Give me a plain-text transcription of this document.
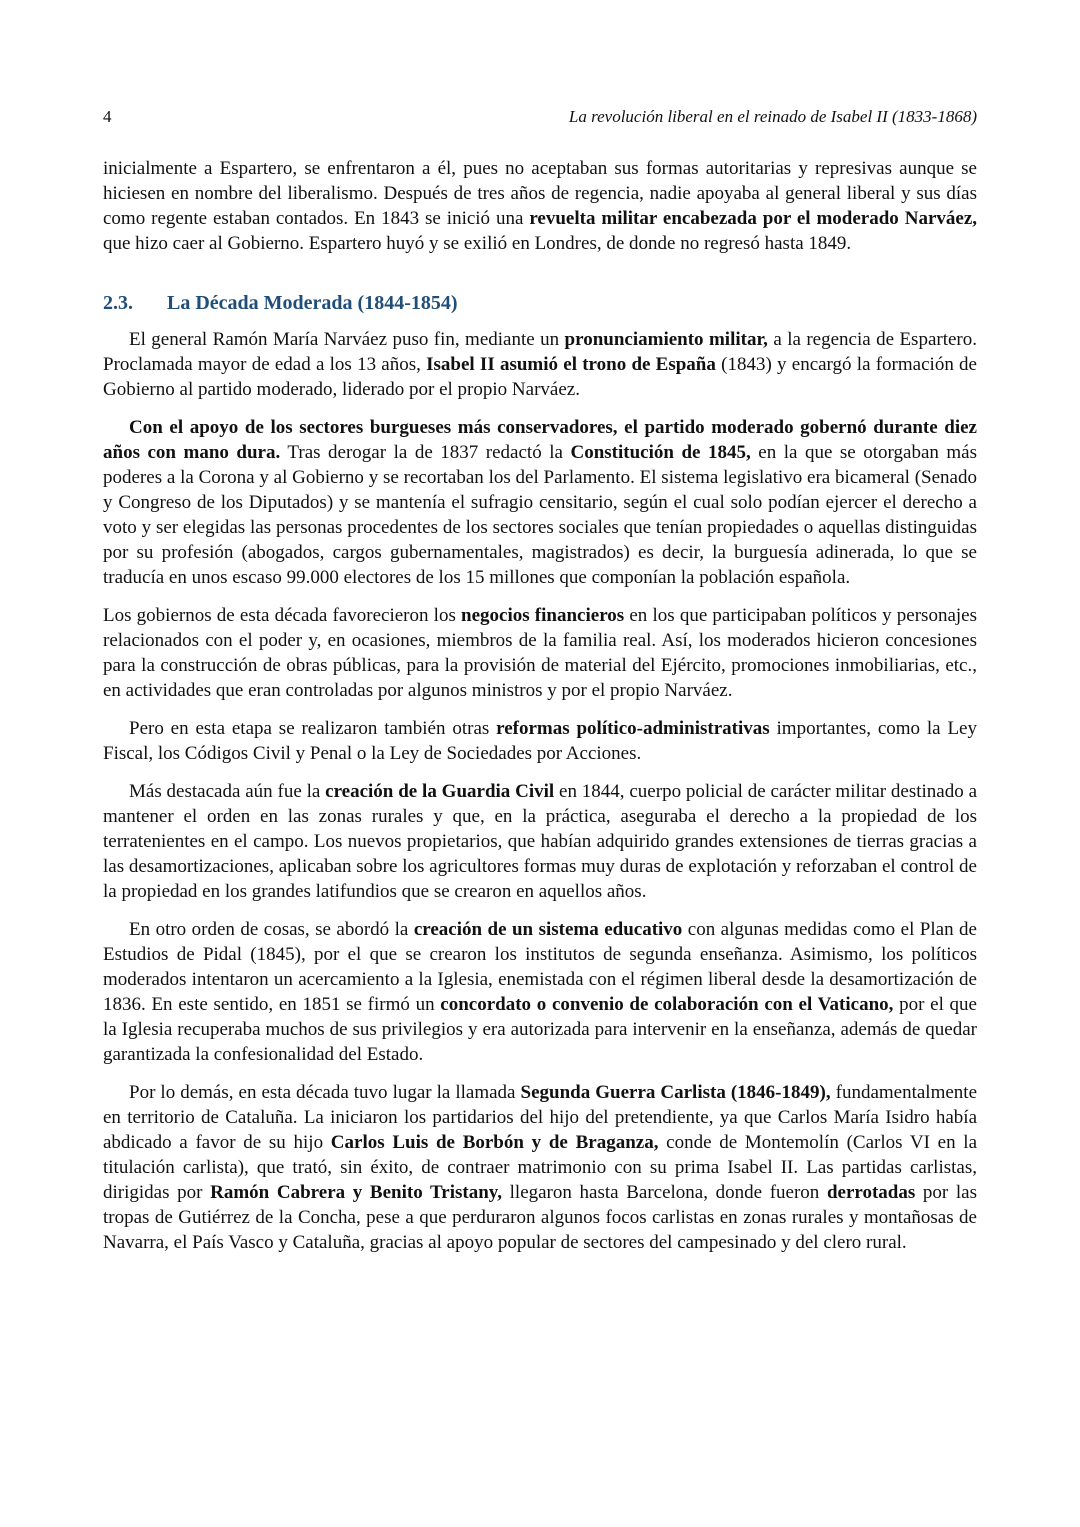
4	La revolución liberal en el reinado de Isabel II (1833-1868)

inicialmente a Espartero, se enfrentaron a él, pues no aceptaban sus formas autoritarias y represivas aunque se hiciesen en nombre del liberalismo. Después de tres años de regencia, nadie apoyaba al general liberal y sus días como regente estaban contados. En 1843 se inició una revuelta militar encabezada por el moderado Narváez, que hizo caer al Gobierno. Espartero huyó y se exilió en Londres, de donde no regresó hasta 1849.

2.3. La Década Moderada (1844-1854)

El general Ramón María Narváez puso fin, mediante un pronunciamiento militar, a la regencia de Espartero. Proclamada mayor de edad a los 13 años, Isabel II asumió el trono de España (1843) y encargó la formación de Gobierno al partido moderado, liderado por el propio Narváez.

Con el apoyo de los sectores burgueses más conservadores, el partido moderado gobernó durante diez años con mano dura. Tras derogar la de 1837 redactó la Constitución de 1845, en la que se otorgaban más poderes a la Corona y al Gobierno y se recortaban los del Parlamento. El sistema legislativo era bicameral (Senado y Congreso de los Diputados) y se mantenía el sufragio censitario, según el cual solo podían ejercer el derecho a voto y ser elegidas las personas procedentes de los sectores sociales que tenían propiedades o aquellas distinguidas por su profesión (abogados, cargos gubernamentales, magistrados) es decir, la burguesía adinerada, lo que se traducía en unos escaso 99.000 electores de los 15 millones que componían la población española.

Los gobiernos de esta década favorecieron los negocios financieros en los que participaban políticos y personajes relacionados con el poder y, en ocasiones, miembros de la familia real. Así, los moderados hicieron concesiones para la construcción de obras públicas, para la provisión de material del Ejército, promociones inmobiliarias, etc., en actividades que eran controladas por algunos ministros y por el propio Narváez.

Pero en esta etapa se realizaron también otras reformas político-administrativas importantes, como la Ley Fiscal, los Códigos Civil y Penal o la Ley de Sociedades por Acciones.

Más destacada aún fue la creación de la Guardia Civil en 1844, cuerpo policial de carácter militar destinado a mantener el orden en las zonas rurales y que, en la práctica, aseguraba el derecho a la propiedad de los terratenientes en el campo. Los nuevos propietarios, que habían adquirido grandes extensiones de tierras gracias a las desamortizaciones, aplicaban sobre los agricultores formas muy duras de explotación y reforzaban el control de la propiedad en los grandes latifundios que se crearon en aquellos años.

En otro orden de cosas, se abordó la creación de un sistema educativo con algunas medidas como el Plan de Estudios de Pidal (1845), por el que se crearon los institutos de segunda enseñanza. Asimismo, los políticos moderados intentaron un acercamiento a la Iglesia, enemistada con el régimen liberal desde la desamortización de 1836. En este sentido, en 1851 se firmó un concordato o convenio de colaboración con el Vaticano, por el que la Iglesia recuperaba muchos de sus privilegios y era autorizada para intervenir en la enseñanza, además de quedar garantizada la confesionalidad del Estado.

Por lo demás, en esta década tuvo lugar la llamada Segunda Guerra Carlista (1846-1849), fundamentalmente en territorio de Cataluña. La iniciaron los partidarios del hijo del pretendiente, ya que Carlos María Isidro había abdicado a favor de su hijo Carlos Luis de Borbón y de Braganza, conde de Montemolín (Carlos VI en la titulación carlista), que trató, sin éxito, de contraer matrimonio con su prima Isabel II. Las partidas carlistas, dirigidas por Ramón Cabrera y Benito Tristany, llegaron hasta Barcelona, donde fueron derrotadas por las tropas de Gutiérrez de la Concha, pese a que perduraron algunos focos carlistas en zonas rurales y montañosas de Navarra, el País Vasco y Cataluña, gracias al apoyo popular de sectores del campesinado y del clero rural.
